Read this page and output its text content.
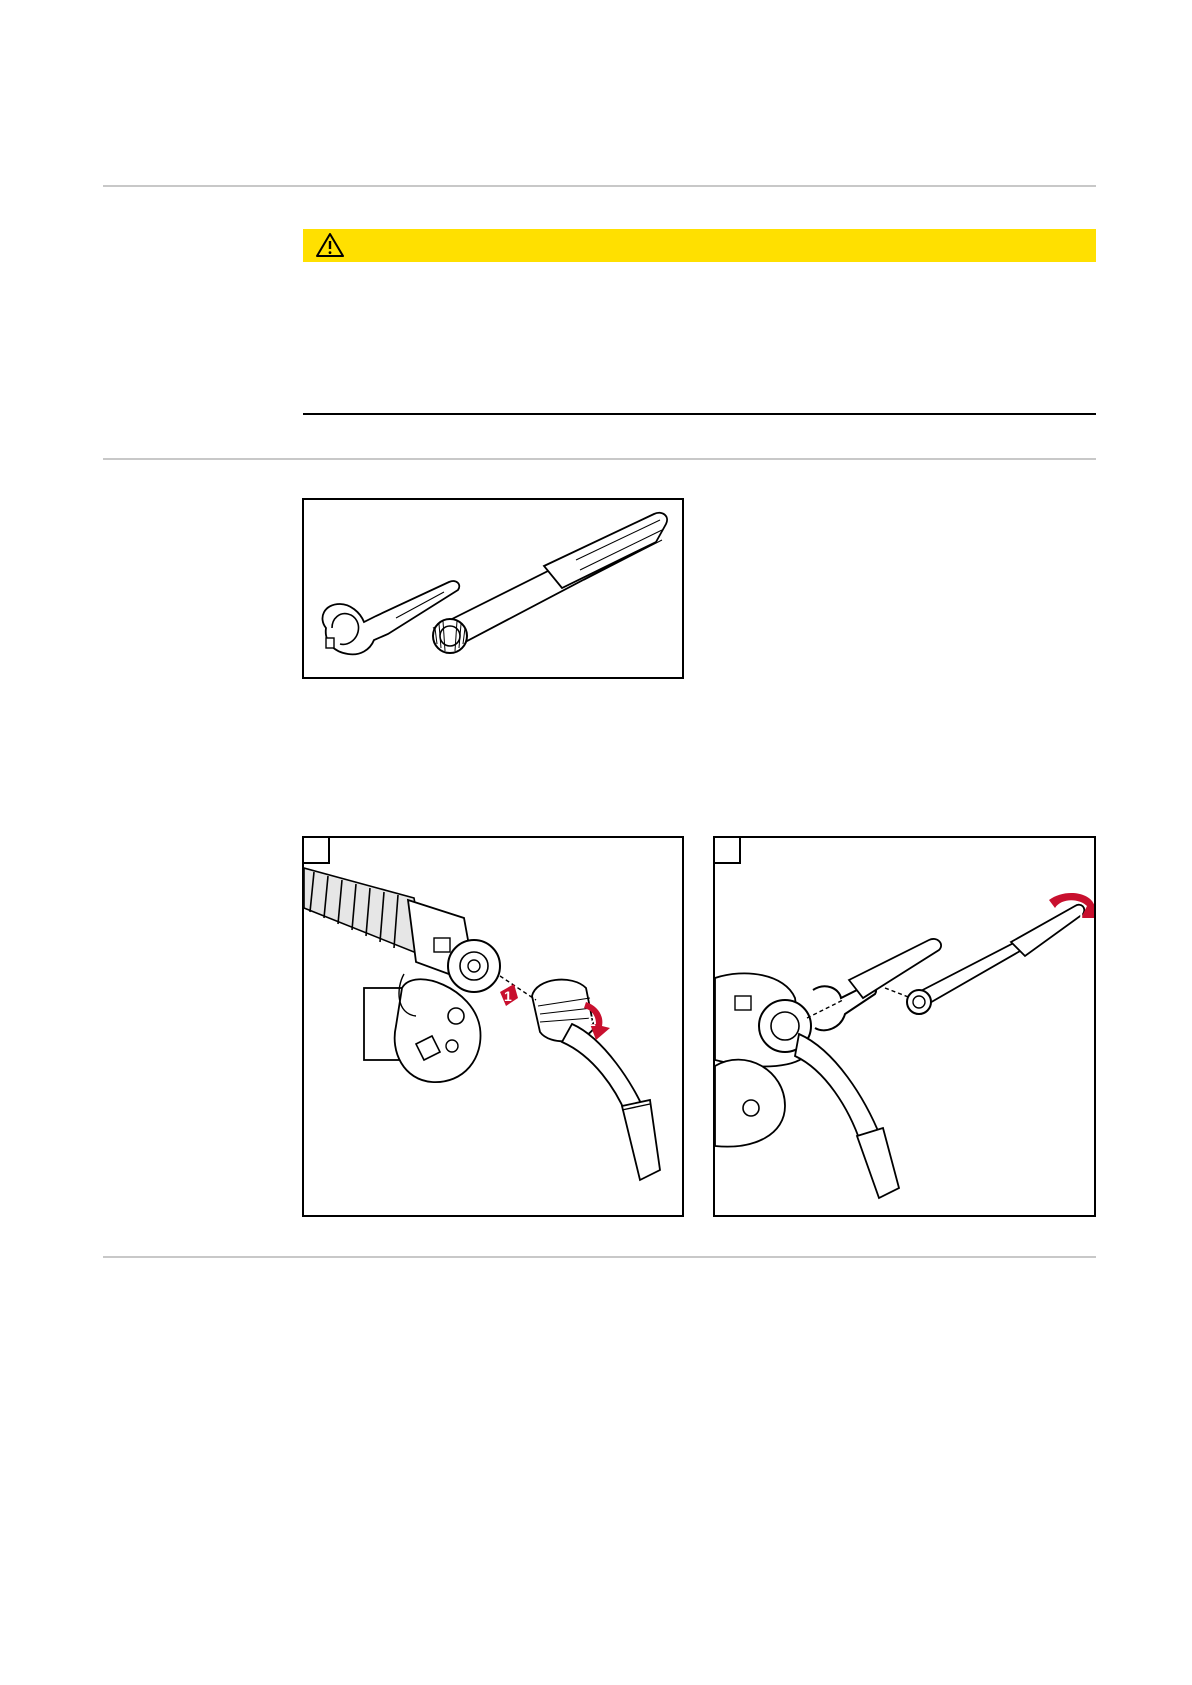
1
2
1
